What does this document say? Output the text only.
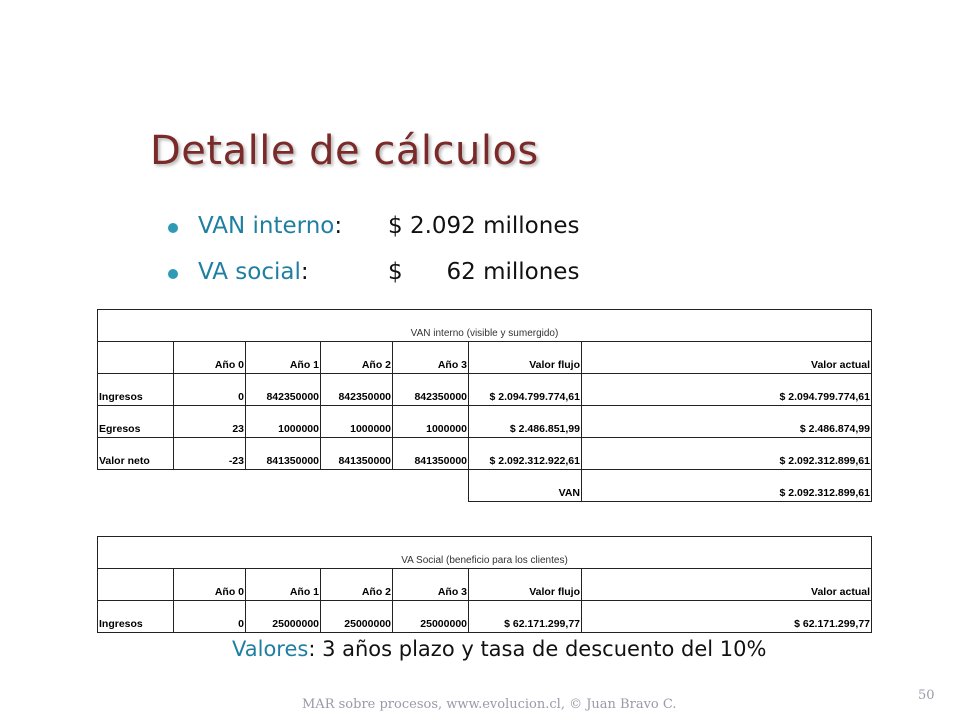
Detalle de cálculos
VAN interno: $ 2.092 millones
VA social:	$      62 millones
VAN interno (visible y sumergido)						
	Año 0	Año 1	Año 2	Año 3	Valor flujo	Valor actual
Ingresos	0	842350000	842350000	842350000	$ 2.094.799.774,61	$ 2.094.799.774,61
Egresos	23	1000000	1000000	1000000	$ 2.486.851,99	$ 2.486.874,99
Valor neto	-23	841350000	841350000	841350000	$ 2.092.312.922,61	$ 2.092.312.899,61
					VAN	$ 2.092.312.899,61
VA Social (beneficio para los clientes)						
	Año 0	Año 1	Año 2	Año 3	Valor flujo	Valor actual
Ingresos	0	25000000	25000000	25000000	$ 62.171.299,77	$ 62.171.299,77

Valores: 3 años plazo y tasa de descuento del 10%

MAR sobre procesos, www.evolucion.cl, © Juan Bravo C.

50
